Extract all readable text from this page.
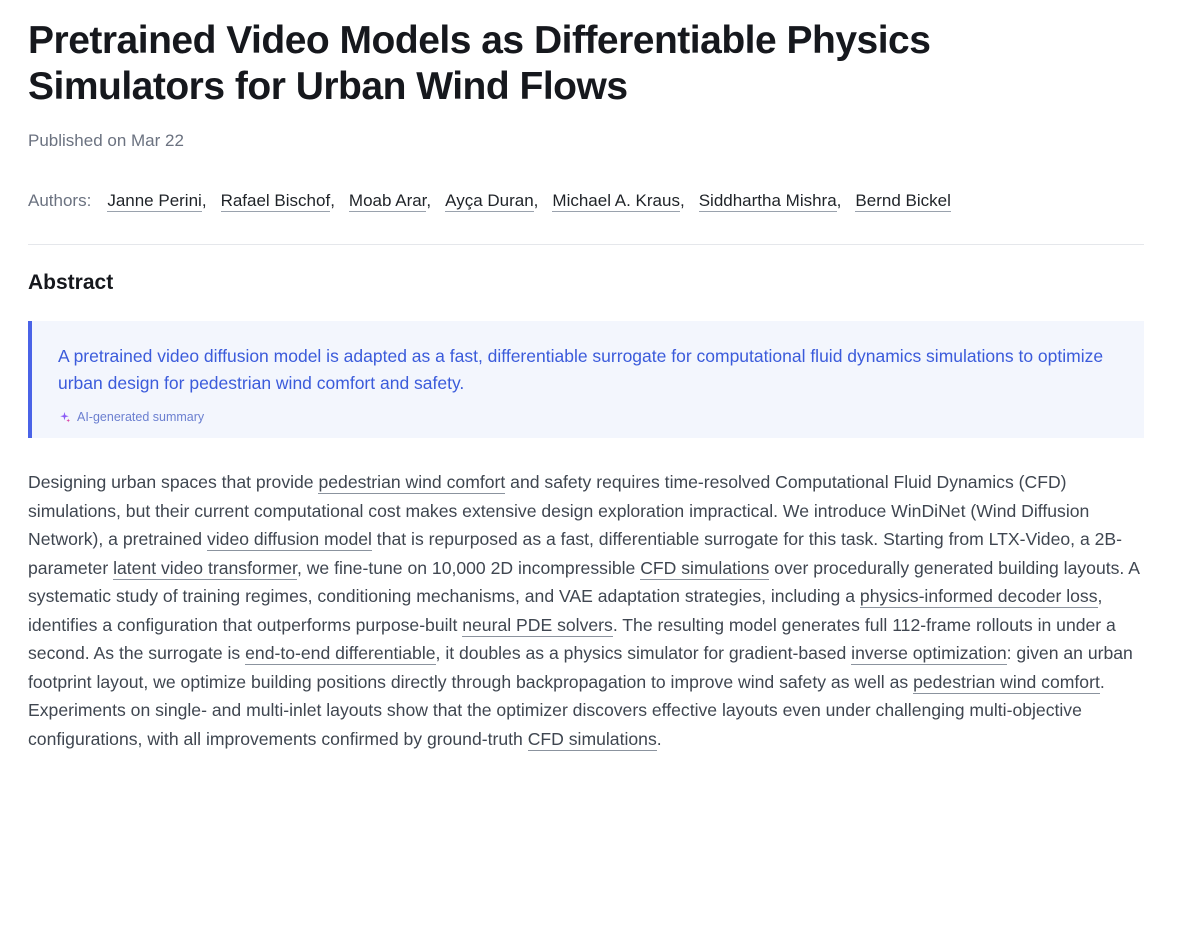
Pretrained Video Models as Differentiable Physics Simulators for Urban Wind Flows
Published on Mar 22
Authors: Janne Perini, Rafael Bischof, Moab Arar, Ayça Duran, Michael A. Kraus, Siddhartha Mishra, Bernd Bickel
Abstract

A pretrained video diffusion model is adapted as a fast, differentiable surrogate for computational fluid dynamics simulations to optimize urban design for pedestrian wind comfort and safety.

AI-generated summary

Designing urban spaces that provide pedestrian wind comfort and safety requires time-resolved Computational Fluid Dynamics (CFD) simulations, but their current computational cost makes extensive design exploration impractical. We introduce WinDiNet (Wind Diffusion Network), a pretrained video diffusion model that is repurposed as a fast, differentiable surrogate for this task. Starting from LTX-Video, a 2B-parameter latent video transformer, we fine-tune on 10,000 2D incompressible CFD simulations over procedurally generated building layouts. A systematic study of training regimes, conditioning mechanisms, and VAE adaptation strategies, including a physics-informed decoder loss, identifies a configuration that outperforms purpose-built neural PDE solvers. The resulting model generates full 112-frame rollouts in under a second. As the surrogate is end-to-end differentiable, it doubles as a physics simulator for gradient-based inverse optimization: given an urban footprint layout, we optimize building positions directly through backpropagation to improve wind safety as well as pedestrian wind comfort. Experiments on single- and multi-inlet layouts show that the optimizer discovers effective layouts even under challenging multi-objective configurations, with all improvements confirmed by ground-truth CFD simulations.
